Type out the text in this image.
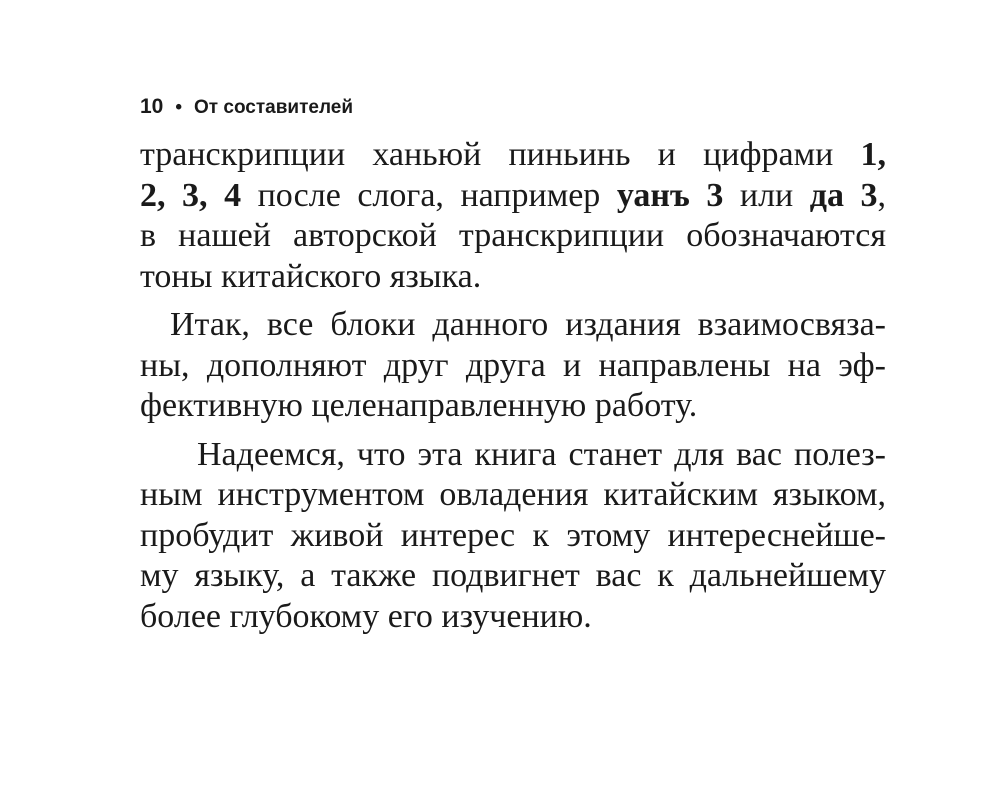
10 • От составителей
транскрипции ханьюй пиньинь и цифрами 1,
2, 3, 4 после слога, например уанъ 3 или да 3,
в нашей авторской транскрипции обозначаются
тоны китайского языка.
Итак, все блоки данного издания взаимосвяза-
ны, дополняют друг друга и направлены на эф-
фективную целенаправленную работу.
Надеемся, что эта книга станет для вас полез-
ным инструментом овладения китайским языком,
пробудит живой интерес к этому интереснейше-
му языку, а также подвигнет вас к дальнейшему
более глубокому его изучению.
